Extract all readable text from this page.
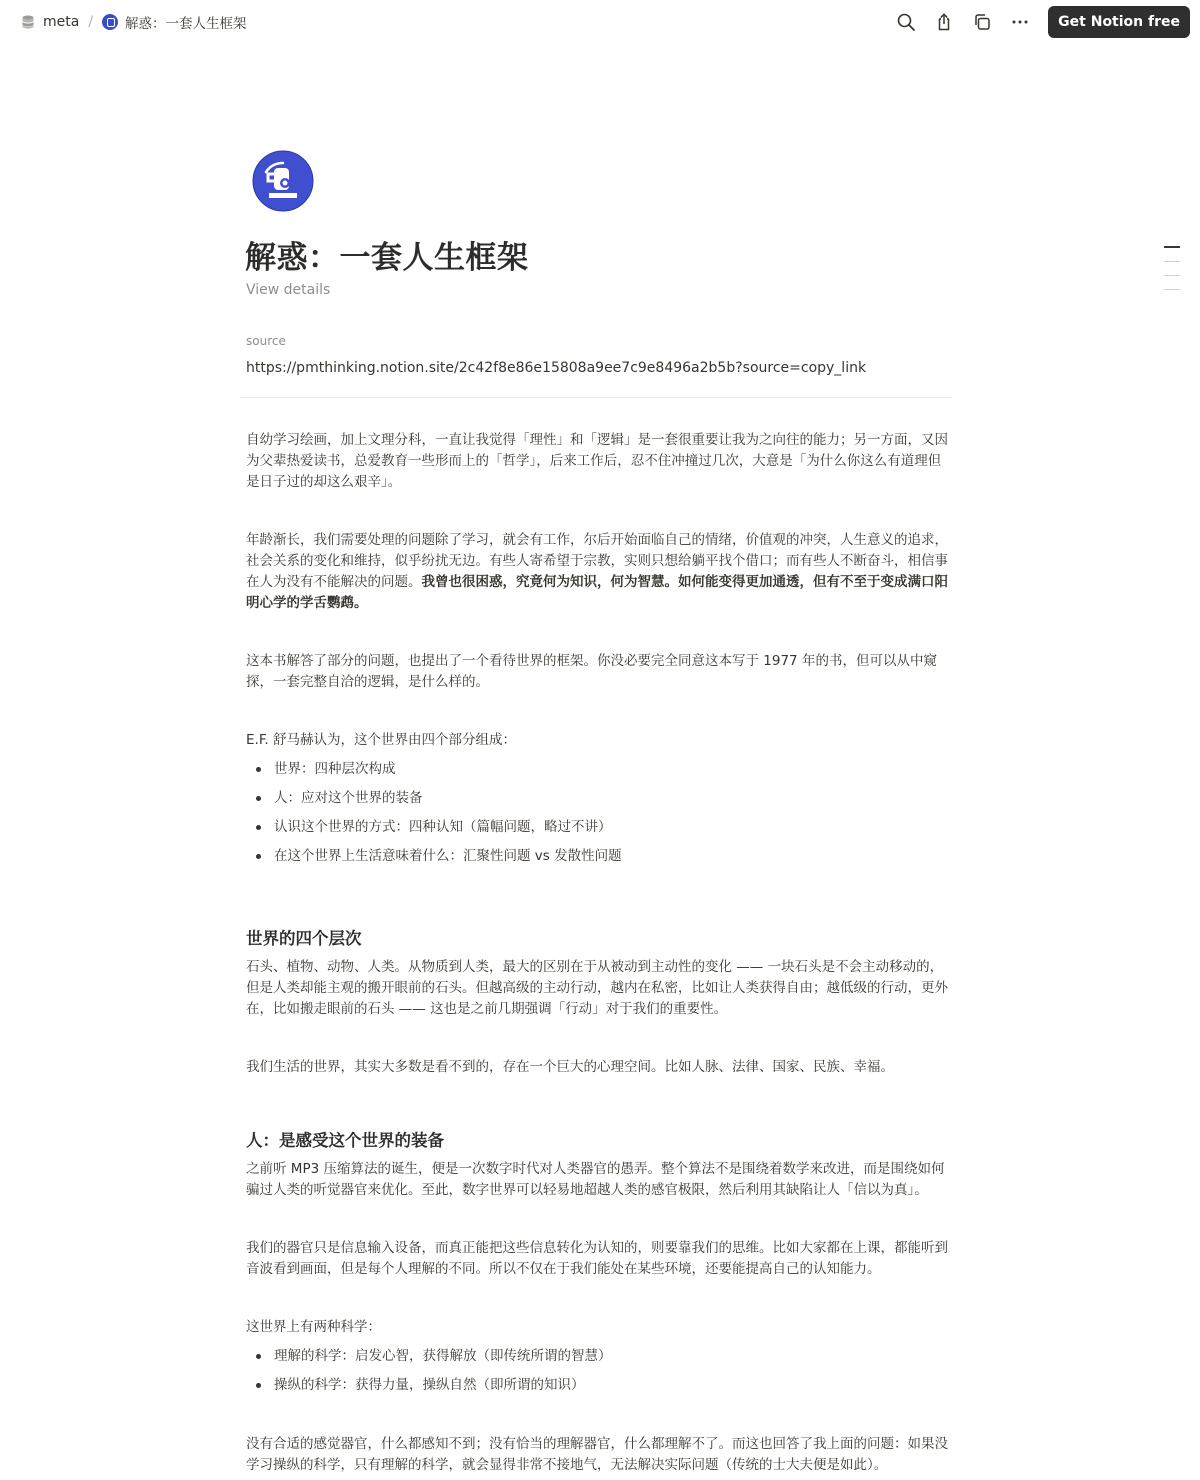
meta / 解惑：一套人生框架	Get Notion free
解惑：一套人生框架
View details
source
https://pmthinking.notion.site/2c42f8e86e15808a9ee7c9e8496a2b5b?source=copy_link

自幼学习绘画，加上文理分科，一直让我觉得「理性」和「逻辑」是一套很重要让我为之向往的能力；另一方面，又因为父辈热爱读书，总爱教育一些形而上的「哲学」，后来工作后，忍不住冲撞过几次，大意是「为什么你这么有道理但是日子过的却这么艰辛」。

年龄渐长，我们需要处理的问题除了学习，就会有工作，尔后开始面临自己的情绪，价值观的冲突，人生意义的追求，社会关系的变化和维持，似乎纷扰无边。有些人寄希望于宗教，实则只想给躺平找个借口；而有些人不断奋斗，相信事在人为没有不能解决的问题。我曾也很困惑，究竟何为知识，何为智慧。如何能变得更加通透，但有不至于变成满口阳明心学的学舌鹦鹉。

这本书解答了部分的问题，也提出了一个看待世界的框架。你没必要完全同意这本写于 1977 年的书，但可以从中窥探，一套完整自洽的逻辑，是什么样的。

E.F. 舒马赫认为，这个世界由四个部分组成：

世界：四种层次构成
人：应对这个世界的装备
认识这个世界的方式：四种认知（篇幅问题，略过不讲）
在这个世界上生活意味着什么：汇聚性问题 vs 发散性问题
世界的四个层次

石头、植物、动物、人类。从物质到人类，最大的区别在于从被动到主动性的变化 —— 一块石头是不会主动移动的，但是人类却能主观的搬开眼前的石头。但越高级的主动行动，越内在私密，比如让人类获得自由；越低级的行动，更外在，比如搬走眼前的石头 —— 这也是之前几期强调「行动」对于我们的重要性。

我们生活的世界，其实大多数是看不到的，存在一个巨大的心理空间。比如人脉、法律、国家、民族、幸福。

人：是感受这个世界的装备

之前听 MP3 压缩算法的诞生，便是一次数字时代对人类器官的愚弄。整个算法不是围绕着数学来改进，而是围绕如何骗过人类的听觉器官来优化。至此，数字世界可以轻易地超越人类的感官极限，然后利用其缺陷让人「信以为真」。

我们的器官只是信息输入设备，而真正能把这些信息转化为认知的，则要靠我们的思维。比如大家都在上课，都能听到音波看到画面，但是每个人理解的不同。所以不仅在于我们能处在某些环境，还要能提高自己的认知能力。

这世界上有两种科学：

理解的科学：启发心智，获得解放（即传统所谓的智慧）
操纵的科学：获得力量，操纵自然（即所谓的知识）

没有合适的感觉器官，什么都感知不到；没有恰当的理解器官，什么都理解不了。而这也回答了我上面的问题：如果没学习操纵的科学，只有理解的科学，就会显得非常不接地气，无法解决实际问题（传统的士大夫便是如此）。
